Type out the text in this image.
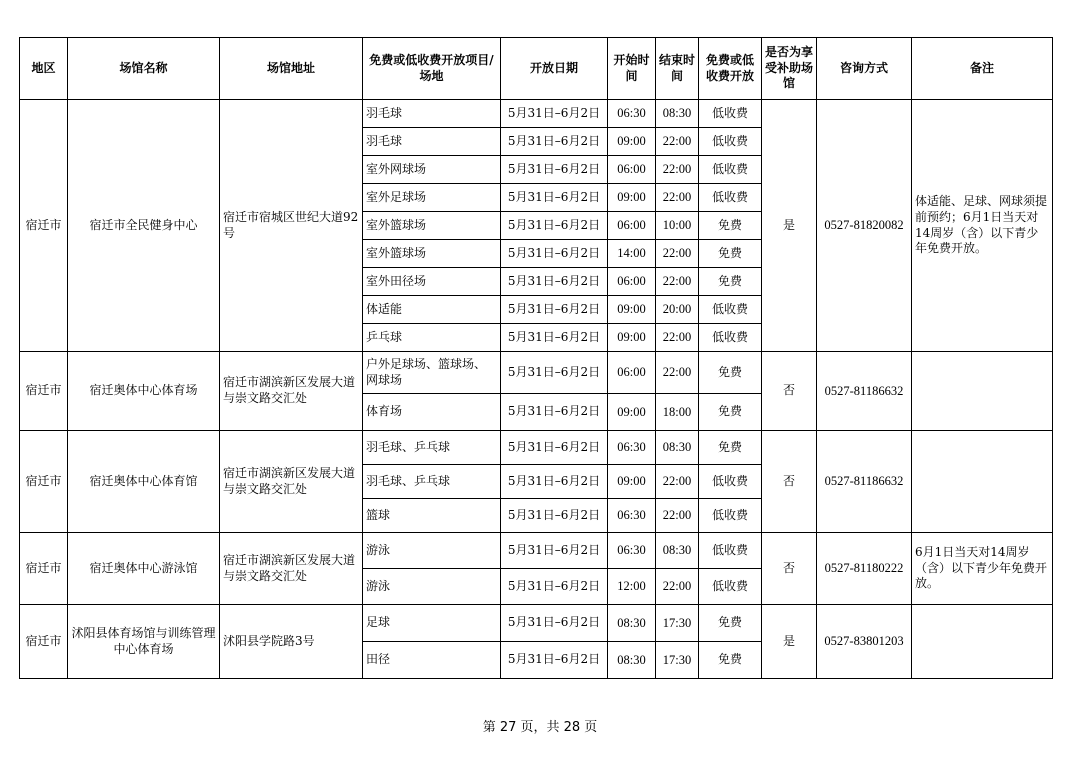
地区	场馆名称	场馆地址	免费或低收费开放项目/场地	开放日期	开始时间	结束时间	免费或低收费开放	是否为享受补助场馆	咨询方式	备注
宿迁市	宿迁市全民健身中心	宿迁市宿城区世纪大道92号	羽毛球	5月31日–6月2日	06:30	08:30	低收费	是	0527-81820082	体适能、足球、网球须提前预约；6月1日当天对14周岁（含）以下青少年免费开放。
			羽毛球	5月31日–6月2日	09:00	22:00	低收费			
			室外网球场	5月31日–6月2日	06:00	22:00	低收费			
			室外足球场	5月31日–6月2日	09:00	22:00	低收费			
			室外篮球场	5月31日–6月2日	06:00	10:00	免费			
			室外篮球场	5月31日–6月2日	14:00	22:00	免费			
			室外田径场	5月31日–6月2日	06:00	22:00	免费			
			体适能	5月31日–6月2日	09:00	20:00	低收费			
			乒乓球	5月31日–6月2日	09:00	22:00	低收费			
宿迁市	宿迁奥体中心体育场	宿迁市湖滨新区发展大道与崇文路交汇处	户外足球场、篮球场、网球场	5月31日–6月2日	06:00	22:00	免费	否	0527-81186632	
			体育场	5月31日–6月2日	09:00	18:00	免费			
宿迁市	宿迁奥体中心体育馆	宿迁市湖滨新区发展大道与崇文路交汇处	羽毛球、乒乓球	5月31日–6月2日	06:30	08:30	免费	否	0527-81186632	
			羽毛球、乒乓球	5月31日–6月2日	09:00	22:00	低收费			
			篮球	5月31日–6月2日	06:30	22:00	低收费			
宿迁市	宿迁奥体中心游泳馆	宿迁市湖滨新区发展大道与崇文路交汇处	游泳	5月31日–6月2日	06:30	08:30	低收费	否	0527-81180222	6月1日当天对14周岁（含）以下青少年免费开放。
			游泳	5月31日–6月2日	12:00	22:00	低收费			
宿迁市	沭阳县体育场馆与训练管理中心体育场	沭阳县学院路3号	足球	5月31日–6月2日	08:30	17:30	免费	是	0527-83801203	
			田径	5月31日–6月2日	08:30	17:30	免费			
第 27 页，共 28 页
